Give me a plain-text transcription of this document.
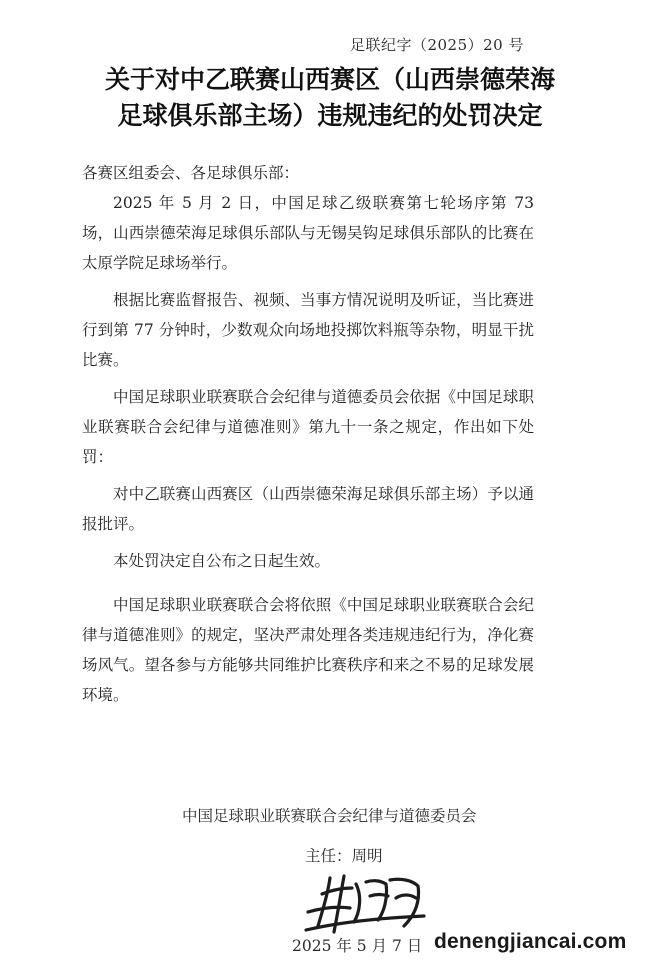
足联纪字（2025）20 号
关于对中乙联赛山西赛区（山西崇德荣海
足球俱乐部主场）违规违纪的处罚决定

各赛区组委会、各足球俱乐部：

2025 年 5 月 2 日，中国足球乙级联赛第七轮场序第 73 场，山西崇德荣海足球俱乐部队与无锡吴钩足球俱乐部队的比赛在太原学院足球场举行。

根据比赛监督报告、视频、当事方情况说明及听证，当比赛进行到第 77 分钟时，少数观众向场地投掷饮料瓶等杂物，明显干扰比赛。

中国足球职业联赛联合会纪律与道德委员会依据《中国足球职业联赛联合会纪律与道德准则》第九十一条之规定，作出如下处罚：

对中乙联赛山西赛区（山西崇德荣海足球俱乐部主场）予以通报批评。

本处罚决定自公布之日起生效。

中国足球职业联赛联合会将依照《中国足球职业联赛联合会纪律与道德准则》的规定，坚决严肃处理各类违规违纪行为，净化赛场风气。望各参与方能够共同维护比赛秩序和来之不易的足球发展环境。

中国足球职业联赛联合会纪律与道德委员会
主任：周明
2025 年 5 月 7 日 denengjiancai.com
